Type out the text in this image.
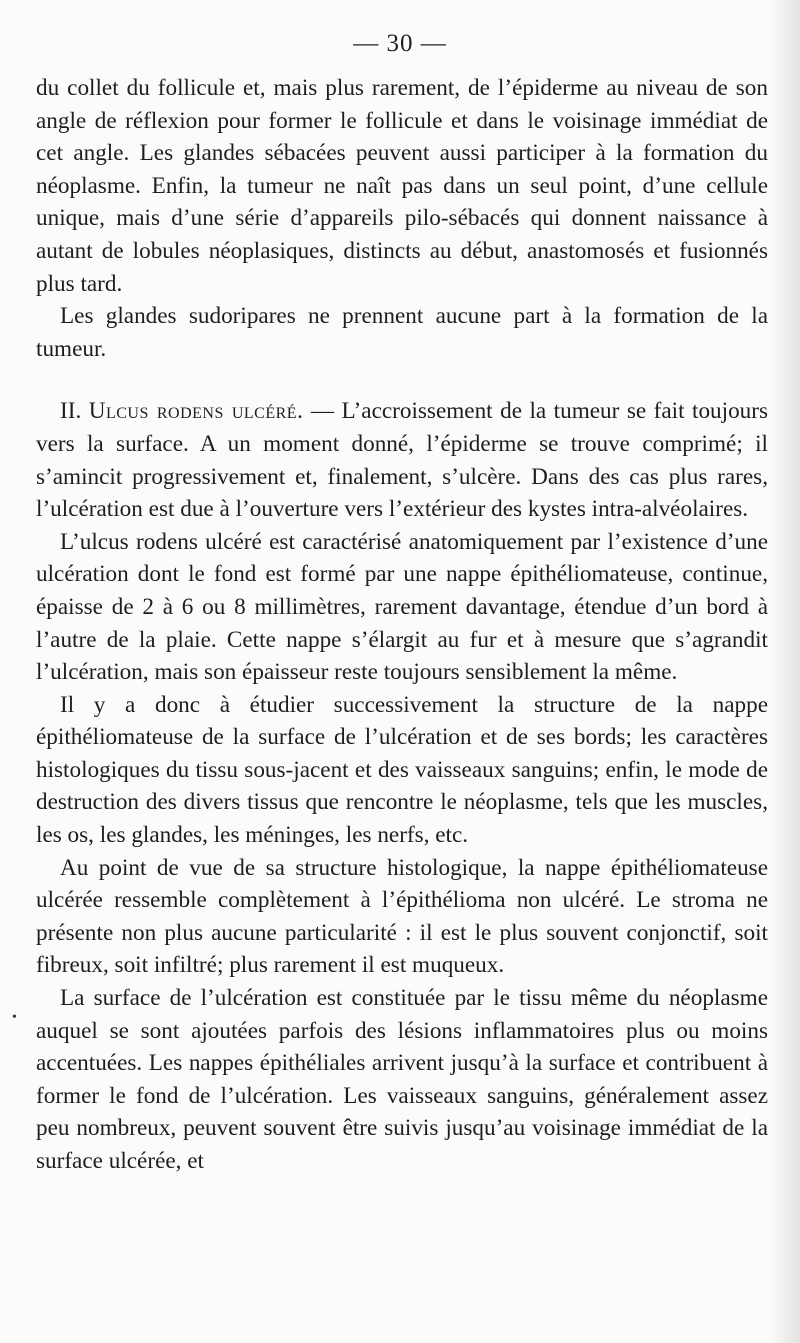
— 30 —

du collet du follicule et, mais plus rarement, de l’épiderme au niveau de son angle de réflexion pour former le follicule et dans le voisinage immédiat de cet angle. Les glandes sébacées peuvent aussi participer à la formation du néoplasme. Enfin, la tumeur ne naît pas dans un seul point, d’une cellule unique, mais d’une série d’appareils pilo-sébacés qui donnent naissance à autant de lobules néoplasiques, distincts au début, anastomosés et fusionnés plus tard.

Les glandes sudoripares ne prennent aucune part à la formation de la tumeur.

II. Ulcus rodens ulcéré. — L’accroissement de la tumeur se fait toujours vers la surface. A un moment donné, l’épiderme se trouve comprimé; il s’amincit progressivement et, finalement, s’ulcère. Dans des cas plus rares, l’ulcération est due à l’ouverture vers l’extérieur des kystes intra-alvéolaires.

L’ulcus rodens ulcéré est caractérisé anatomiquement par l’existence d’une ulcération dont le fond est formé par une nappe épithéliomateuse, continue, épaisse de 2 à 6 ou 8 millimètres, rarement davantage, étendue d’un bord à l’autre de la plaie. Cette nappe s’élargit au fur et à mesure que s’agrandit l’ulcération, mais son épaisseur reste toujours sensiblement la même.

Il y a donc à étudier successivement la structure de la nappe épithéliomateuse de la surface de l’ulcération et de ses bords; les caractères histologiques du tissu sous-jacent et des vaisseaux sanguins; enfin, le mode de destruction des divers tissus que rencontre le néoplasme, tels que les muscles, les os, les glandes, les méninges, les nerfs, etc.

Au point de vue de sa structure histologique, la nappe épithéliomateuse ulcérée ressemble complètement à l’épithélioma non ulcéré. Le stroma ne présente non plus aucune particularité : il est le plus souvent conjonctif, soit fibreux, soit infiltré; plus rarement il est muqueux.

La surface de l’ulcération est constituée par le tissu même du néoplasme auquel se sont ajoutées parfois des lésions inflammatoires plus ou moins accentuées. Les nappes épithéliales arrivent jusqu’à la surface et contribuent à former le fond de l’ulcération. Les vaisseaux sanguins, généralement assez peu nombreux, peuvent souvent être suivis jusqu’au voisinage immédiat de la surface ulcérée, et

•
